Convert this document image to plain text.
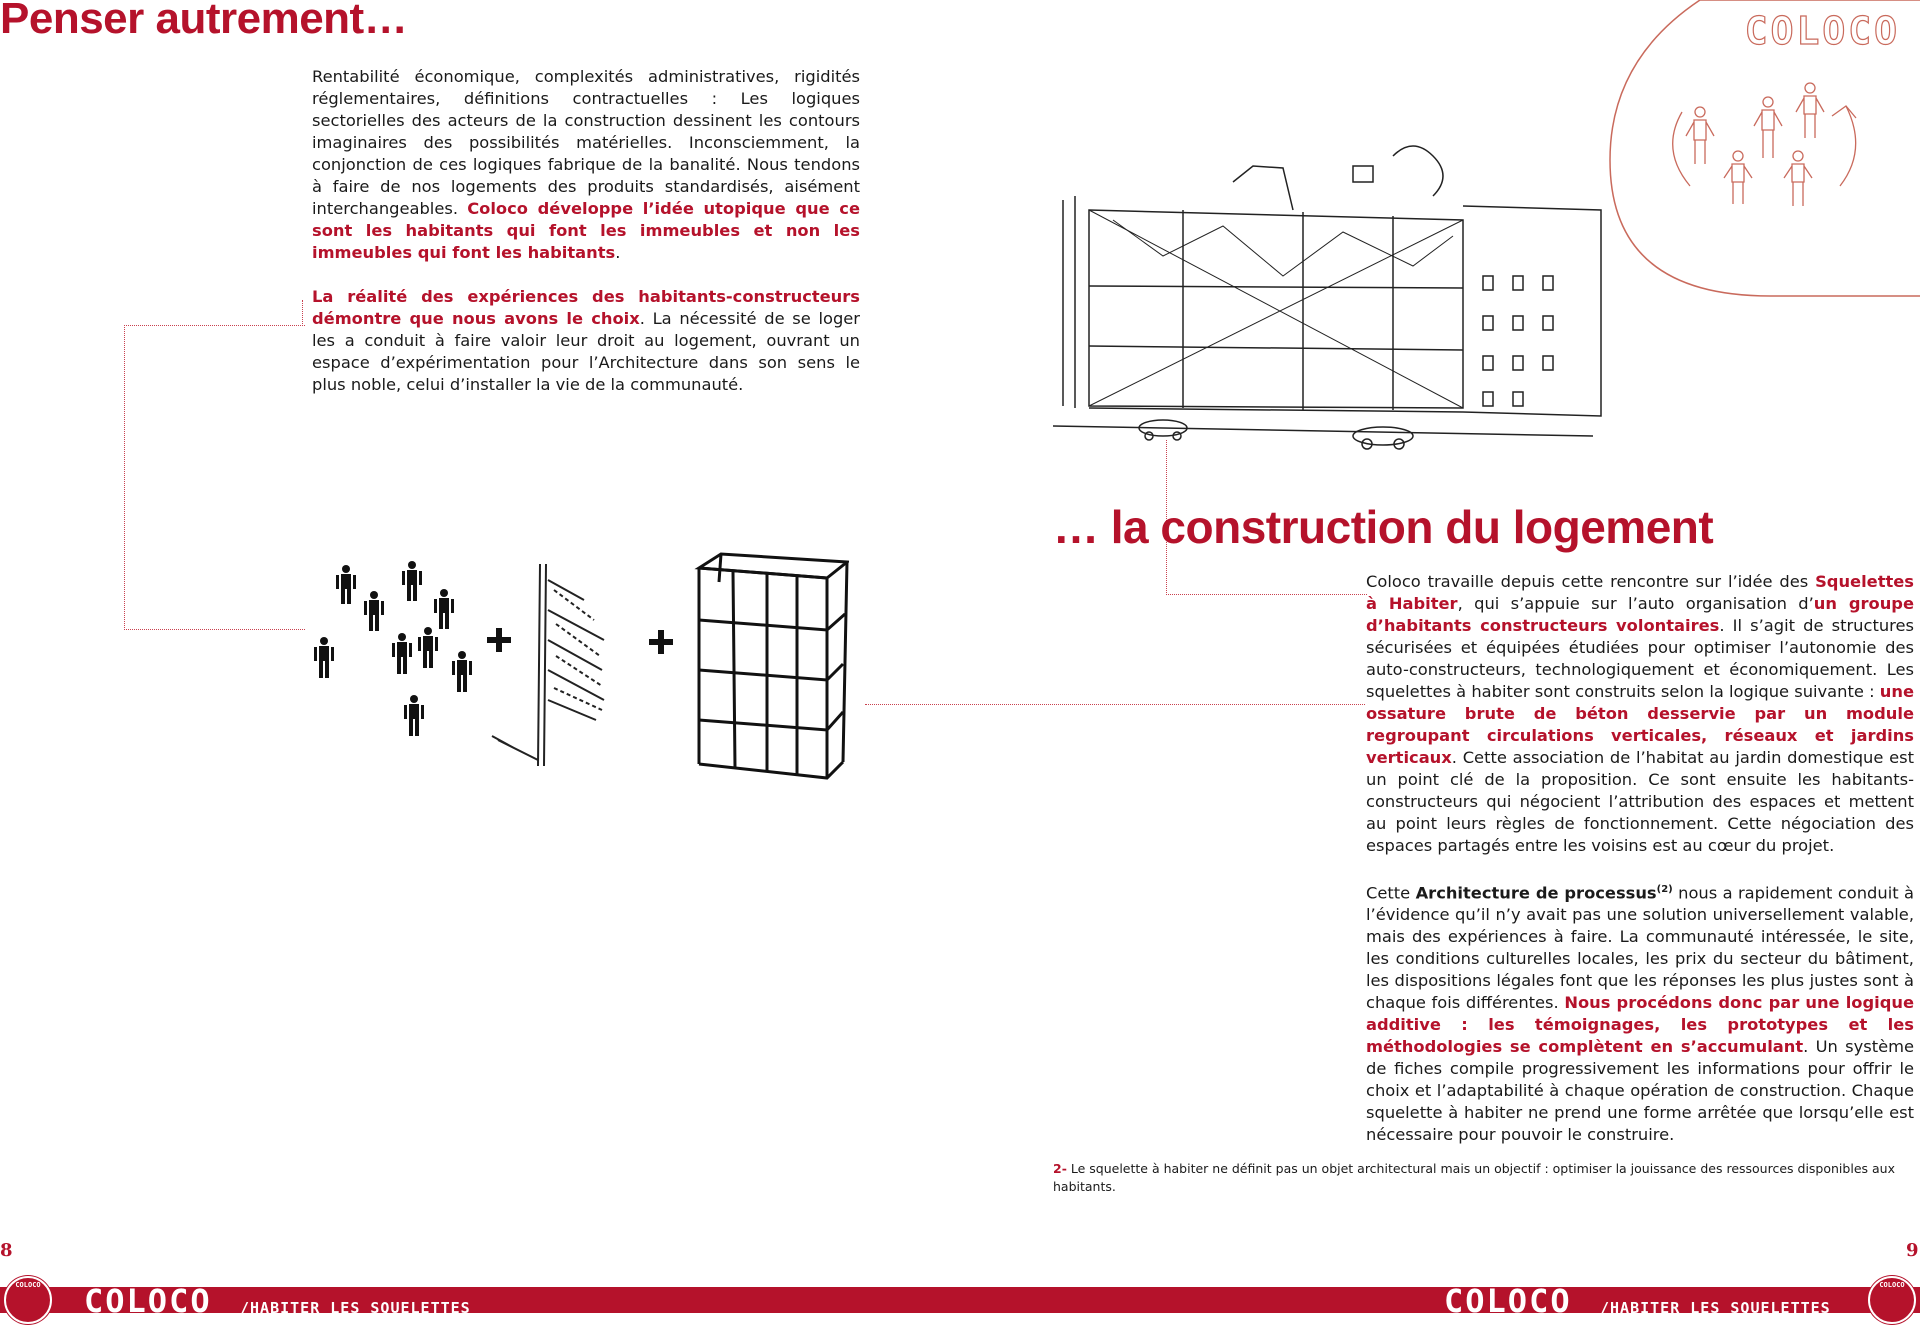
Penser autrement…

Rentabilité économique, complexités administratives, rigidités réglementaires, définitions contractuelles : Les logiques sectorielles des acteurs de la construction dessinent les contours imaginaires des possibilités matérielles. Inconsciemment, la conjonction de ces logiques fabrique de la banalité. Nous tendons à faire de nos logements des produits standardisés, aisément interchangeables. Coloco développe l’idée utopique que ce sont les habitants qui font les immeubles et non les immeubles qui font les habitants.

La réalité des expériences des habitants-constructeurs démontre que nous avons le choix. La nécessité de se loger les a conduit à faire valoir leur droit au logement, ouvrant un espace d’expérimentation pour l’Architecture dans son sens le plus noble, celui d’installer la vie de la communauté.

COLOCO
… la construction du logement

Coloco travaille depuis cette rencontre sur l’idée des Squelettes à Habiter, qui s’appuie sur l’auto organisation d’un groupe d’habitants constructeurs volontaires. Il s’agit de structures sécurisées et équipées étudiées pour optimiser l’autonomie des auto-constructeurs, technologiquement et économiquement. Les squelettes à habiter sont construits selon la logique suivante : une ossature brute de béton desservie par un module regroupant circulations verticales, réseaux et jardins verticaux. Cette association de l’habitat au jardin domestique est un point clé de la proposition. Ce sont ensuite les habitants- constructeurs qui négocient l’attribution des espaces et mettent au point leurs règles de fonctionnement. Cette négociation des espaces partagés entre les voisins est au cœur du projet.

Cette Architecture de processus$^{(2)}$ nous a rapidement conduit à l’évidence qu’il n’y avait pas une solution universellement valable, mais des expériences à faire. La communauté intéressée, le site, les conditions culturelles locales, les prix du secteur du bâtiment, les dispositions légales font que les réponses les plus justes sont à chaque fois différentes. Nous procédons donc par une logique additive : les témoignages, les prototypes et les méthodologies se complètent en s’accumulant. Un système de fiches compile progressivement les informations pour offrir le choix et l’adaptabilité à chaque opération de construction. Chaque squelette à habiter ne prend une forme arrêtée que lorsqu’elle est nécessaire pour pouvoir le construire.

2- Le squelette à habiter ne définit pas un objet architectural mais un objectif : optimiser la jouissance des ressources disponibles aux habitants.
8	9
COLOCO COLOCO /HABITER LES SQUELETTES	COLOCO /HABITER LES SQUELETTES
COLOCO
